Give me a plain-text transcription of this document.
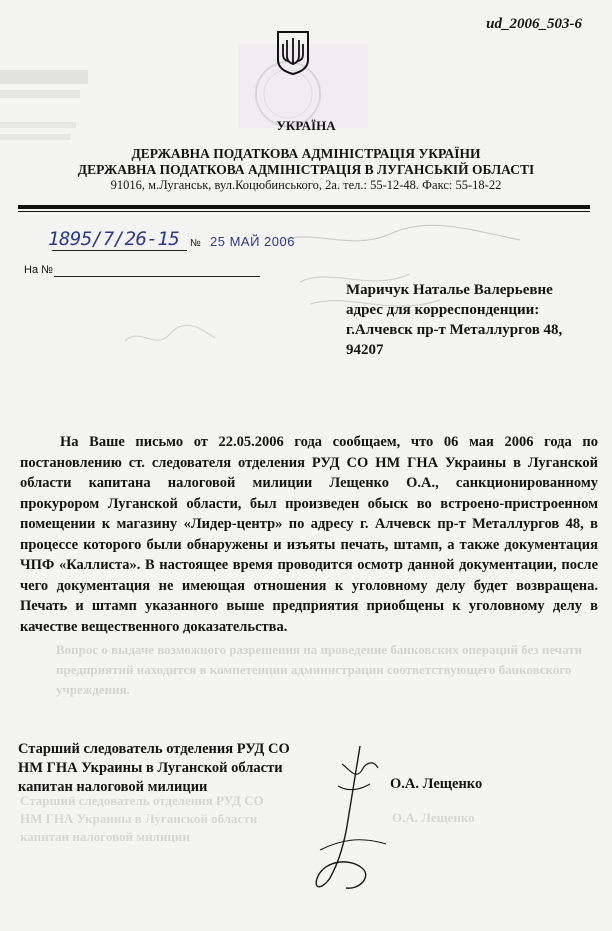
ud_2006_503-6
УКРАЇНА
ДЕРЖАВНА ПОДАТКОВА АДМІНІСТРАЦІЯ УКРАЇНИ
ДЕРЖАВНА ПОДАТКОВА АДМІНІСТРАЦІЯ В ЛУГАНСЬКІЙ ОБЛАСТІ
91016, м.Луганськ, вул.Коцюбинського, 2а. тел.: 55-12-48. Факс: 55-18-22
1895/7/26-15 № 25 МАЙ 2006
На №
Маричук Наталье Валерьевне
адрес для корреспонденции:
г.Алчевск пр-т Металлургов 48,
94207
На Ваше письмо от 22.05.2006 года сообщаем, что 06 мая 2006 года по постановлению ст. следователя отделения РУД СО НМ ГНА Украины в Луганской области капитана налоговой милиции Лещенко О.А., санкционированному прокурором Луганской области, был произведен обыск во встроено-пристроенном помещении к магазину «Лидер-центр» по адресу г. Алчевск пр-т Металлургов 48, в процессе которого были обнаружены и изъяты печать, штамп, а также документация ЧПФ «Каллиста». В настоящее время проводится осмотр данной документации, после чего документация не имеющая отношения к уголовному делу будет возвращена. Печать и штамп указанного выше предприятия приобщены к уголовному делу в качестве вещественного доказательства.
Вопрос о выдаче возможного разрешения на проведение банковских операций без печати предприятий находится в компетенции администрации соответствующего банковского учреждения.
Старший следователь отделения РУД СО
НМ ГНА Украины в Луганской области
капитан налоговой милиции	О.А. Лещенко
Старший следователь отделения РУД СО
НМ ГНА Украины в Луганской области
капитан налоговой милиции
О.А. Лещенко
